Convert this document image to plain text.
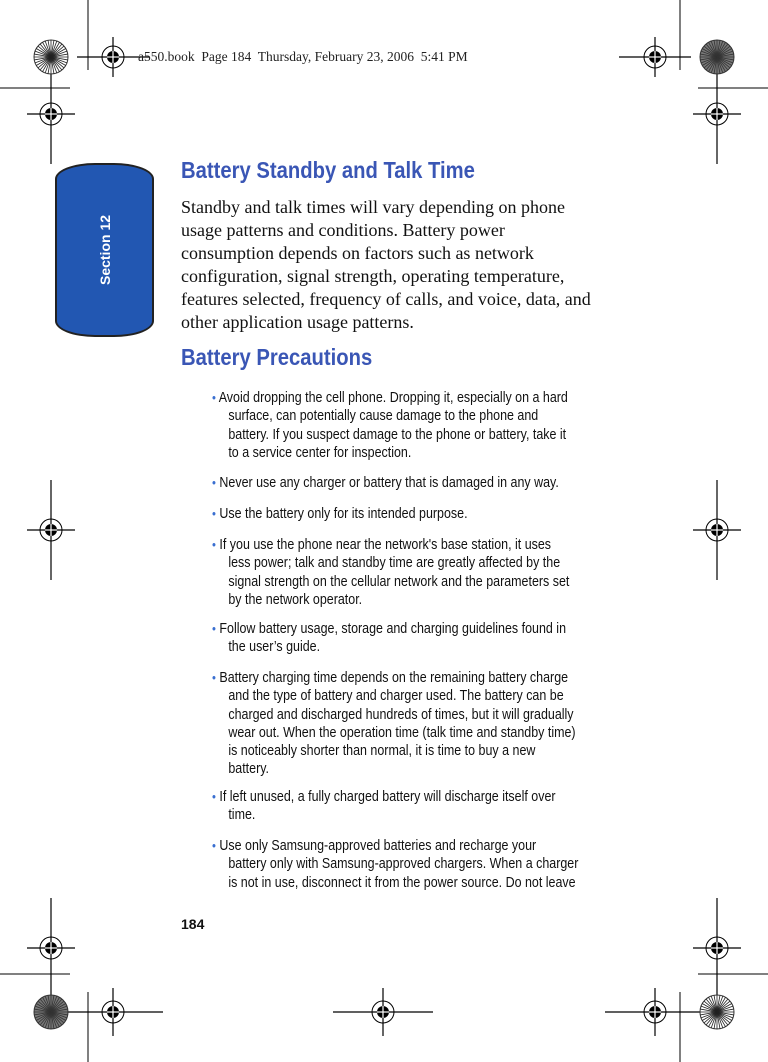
a550.book  Page 184  Thursday, February 23, 2006  5:41 PM
Section 12
Battery Standby and Talk Time
Standby and talk times will vary depending on phone
usage patterns and conditions. Battery power
consumption depends on factors such as network
configuration, signal strength, operating temperature,
features selected, frequency of calls, and voice, data, and
other application usage patterns.
Battery Precautions
• Avoid dropping the cell phone. Dropping it, especially on a hard
surface, can potentially cause damage to the phone and
battery. If you suspect damage to the phone or battery, take it
to a service center for inspection.
• Never use any charger or battery that is damaged in any way.
• Use the battery only for its intended purpose.
• If you use the phone near the network's base station, it uses
less power; talk and standby time are greatly affected by the
signal strength on the cellular network and the parameters set
by the network operator.
• Follow battery usage, storage and charging guidelines found in
the user’s guide.
• Battery charging time depends on the remaining battery charge
and the type of battery and charger used. The battery can be
charged and discharged hundreds of times, but it will gradually
wear out. When the operation time (talk time and standby time)
is noticeably shorter than normal, it is time to buy a new
battery.
• If left unused, a fully charged battery will discharge itself over
time.
• Use only Samsung-approved batteries and recharge your
battery only with Samsung-approved chargers. When a charger
is not in use, disconnect it from the power source. Do not leave
184
